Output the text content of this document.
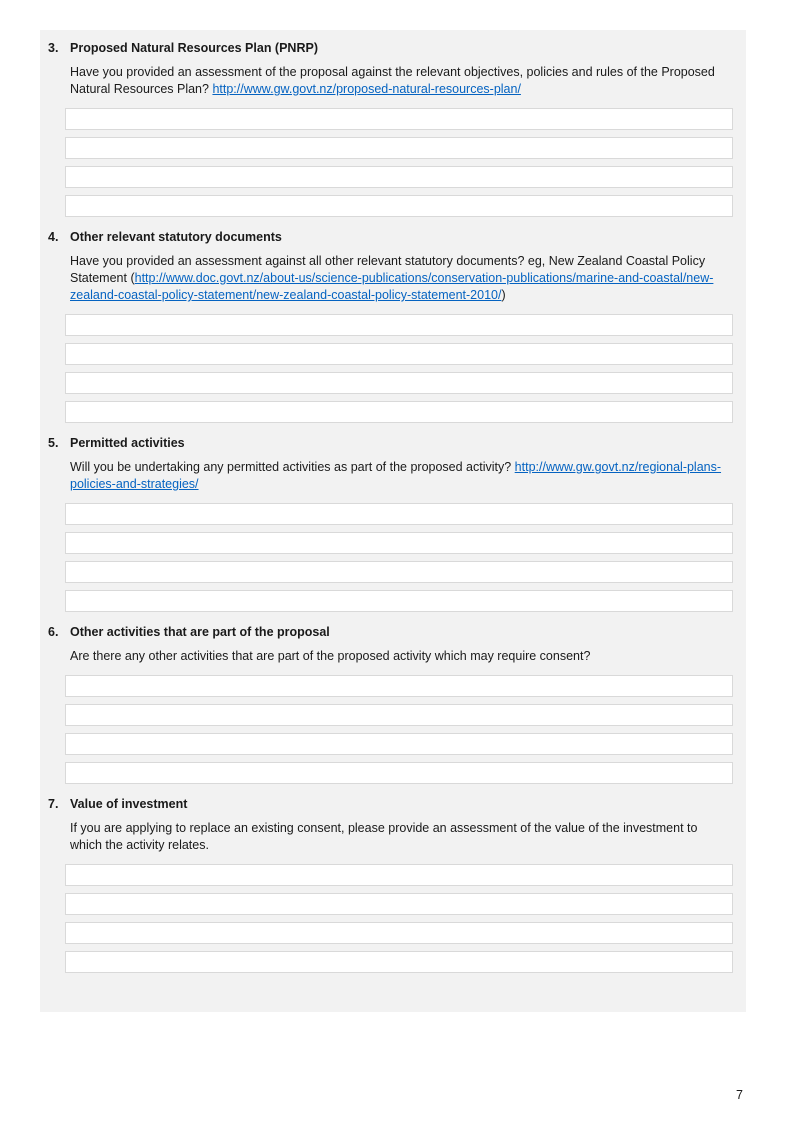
3. Proposed Natural Resources Plan (PNRP)

Have you provided an assessment of the proposal against the relevant objectives, policies and rules of the Proposed Natural Resources Plan? http://www.gw.govt.nz/proposed-natural-resources-plan/

4. Other relevant statutory documents

Have you provided an assessment against all other relevant statutory documents? eg, New Zealand Coastal Policy Statement (http://www.doc.govt.nz/about-us/science-publications/conservation-publications/marine-and-coastal/new-zealand-coastal-policy-statement/new-zealand-coastal-policy-statement-2010/)

5. Permitted activities

Will you be undertaking any permitted activities as part of the proposed activity? http://www.gw.govt.nz/regional-plans-policies-and-strategies/

6. Other activities that are part of the proposal

Are there any other activities that are part of the proposed activity which may require consent?

7. Value of investment

If you are applying to replace an existing consent, please provide an assessment of the value of the investment to which the activity relates.

7
